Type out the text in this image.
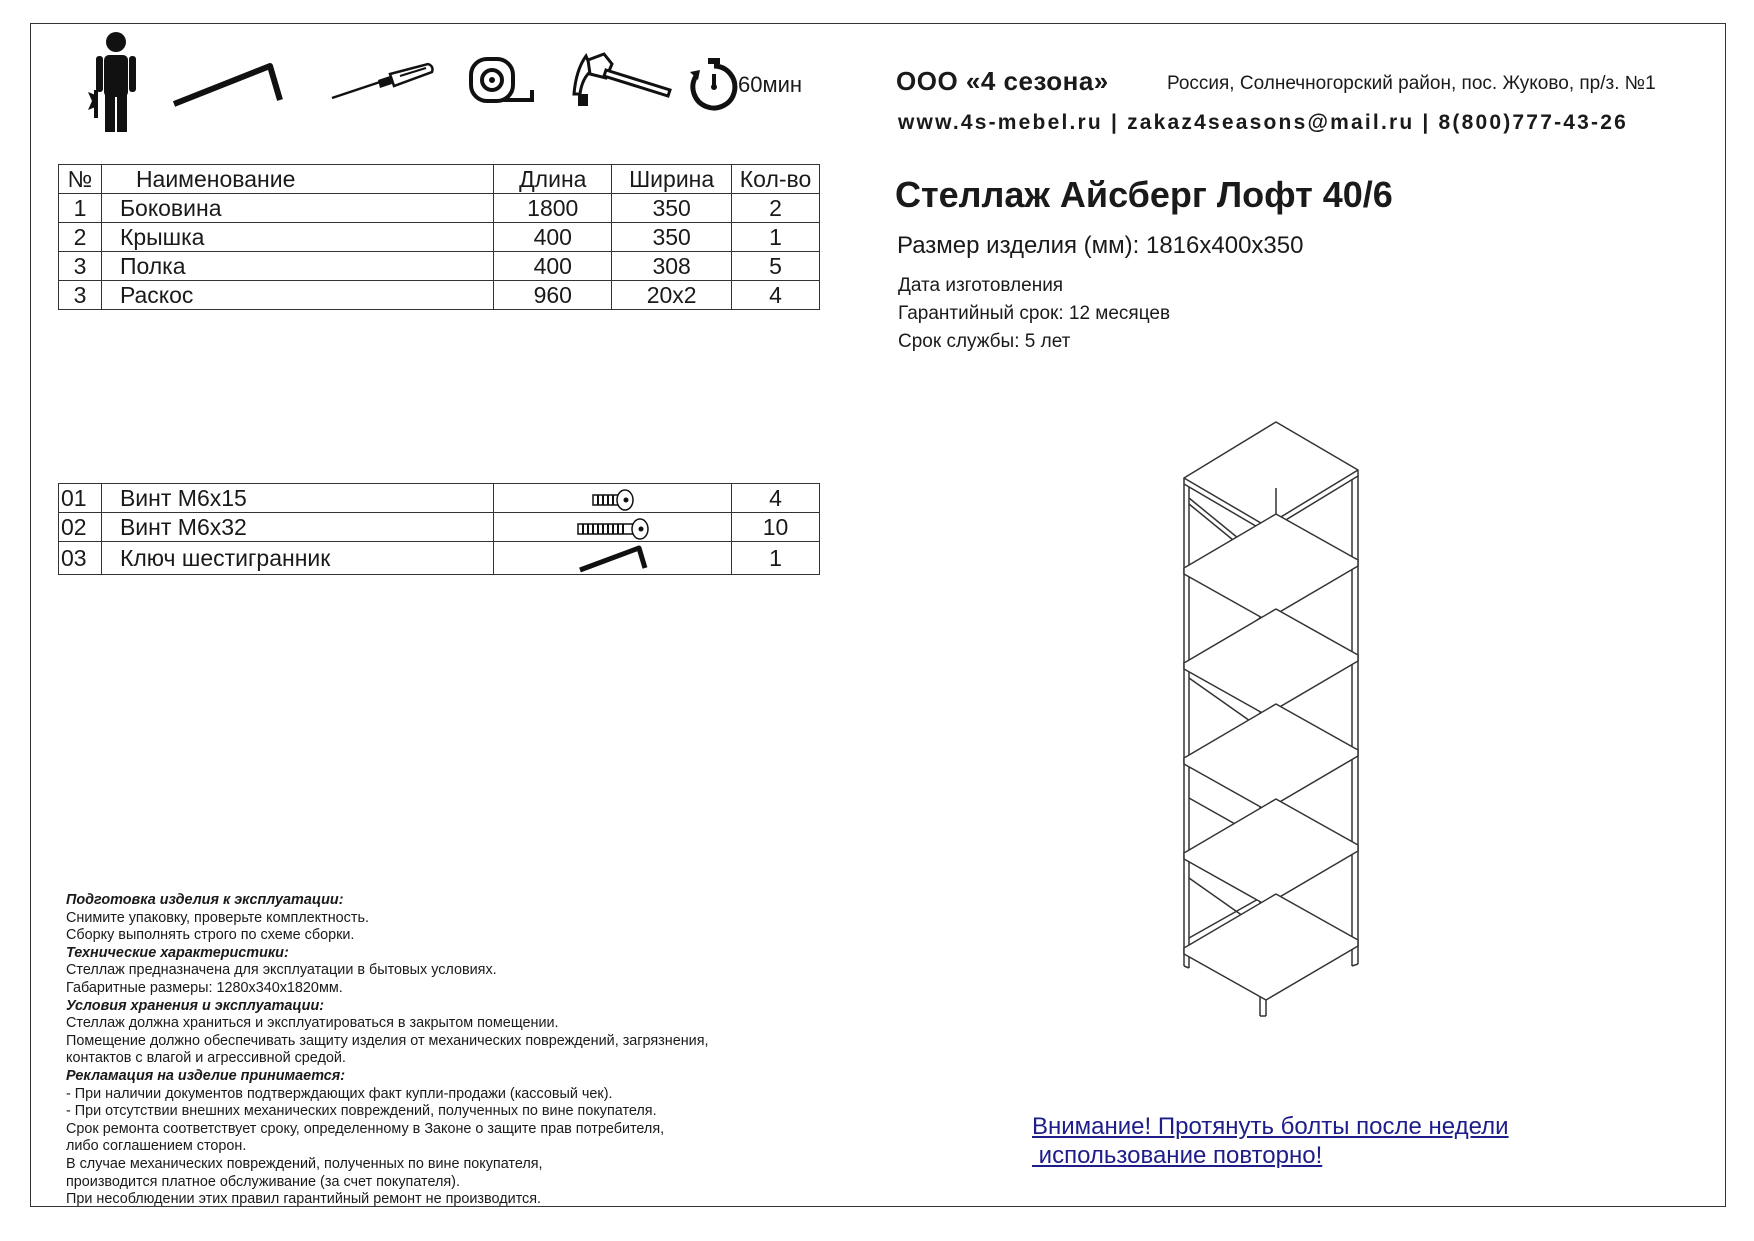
60мин	ООО «4 сезона»	Россия, Солнечногорский район, пос. Жуково, пр/з. №1
www.4s-mebel.ru | zakaz4seasons@mail.ru | 8(800)777-43-26
Стеллаж Айсберг Лофт 40/6
Размер изделия (мм): 1816х400х350
Дата изготовления
Гарантийный срок: 12 месяцев
Срок службы: 5 лет
№	Наименование	Длина	Ширина	Кол-во
1	Боковина	1800	350	2
2	Крышка	400	350	1
3	Полка	400	308	5
3	Раскос	960	20х2	4
01	Винт М6х15		4
02	Винт М6х32		10
03	Ключ шестигранник		1
Подготовка изделия к эксплуатации:
Снимите упаковку, проверьте комплектность.
Сборку выполнять строго по схеме сборки.
Технические характеристики:
Стеллаж предназначена для эксплуатации в бытовых условиях.
Габаритные размеры: 1280х340х1820мм.
Условия хранения и эксплуатации:
Стеллаж должна храниться и эксплуатироваться в закрытом помещении.
Помещение должно обеспечивать защиту изделия от механических повреждений, загрязнения,
контактов с влагой и агрессивной средой.
Рекламация на изделие принимается:
- При наличии документов подтверждающих факт купли-продажи (кассовый чек).
- При отсутствии внешних механических повреждений, полученных по вине покупателя.
Срок ремонта соответствует сроку, определенному в Законе о защите прав потребителя,
либо соглашением сторон.
В случае механических повреждений, полученных по вине покупателя,
производится платное обслуживание (за счет покупателя).
При несоблюдении этих правил гарантийный ремонт не производится.
Внимание! Протянуть болты после недели
использование повторно!
